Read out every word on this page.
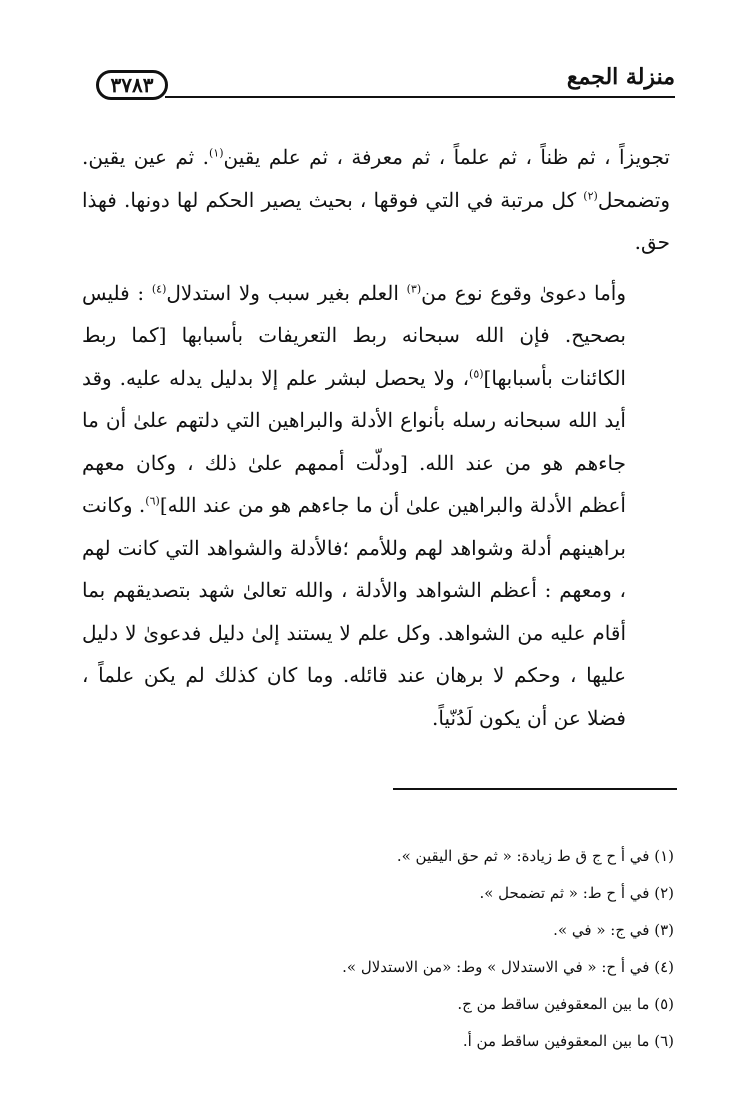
منزلة الجمع
٣٧٨٣

تجويزاً ، ثم ظناً ، ثم علماً ، ثم معرفة ، ثم علم يقين$^{(١)}$. ثم عين يقين. وتضمحل$^{(٢)}$ كل مرتبة في التي فوقها ، بحيث يصير الحكم لها دونها. فهذا حق.

وأما دعوىٰ وقوع نوع من$^{(٣)}$ العلم بغير سبب ولا استدلال$^{(٤)}$ : فليس بصحيح. فإن الله سبحانه ربط التعريفات بأسبابها [كما ربط الكائنات بأسبابها]$^{(٥)}$، ولا يحصل لبشر علم إلا بدليل يدله عليه. وقد أيد الله سبحانه رسله بأنواع الأدلة والبراهين التي دلتهم علىٰ أن ما جاءهم هو من عند الله. [ودلّت أممهم علىٰ ذلك ، وكان معهم أعظم الأدلة والبراهين علىٰ أن ما جاءهم هو من عند الله]$^{(٦)}$. وكانت براهينهم أدلة وشواهد لهم وللأمم ؛فالأدلة والشواهد التي كانت لهم ، ومعهم : أعظم الشواهد والأدلة ، والله تعالىٰ شهد بتصديقهم بما أقام عليه من الشواهد. وكل علم لا يستند إلىٰ دليل فدعوىٰ لا دليل عليها ، وحكم لا برهان عند قائله. وما كان كذلك لم يكن علماً ، فضلا عن أن يكون لَدُنّياً.

(١) في أ ح ج ق ط زيادة: « ثم حق اليقين ».
(٢) في أ ح ط: « ثم تضمحل ».
(٣) في ج: « في ».
(٤) في أ ح: « في الاستدلال » وط: «من الاستدلال ».
(٥) ما بين المعقوفين ساقط من ج.
(٦) ما بين المعقوفين ساقط من أ.
